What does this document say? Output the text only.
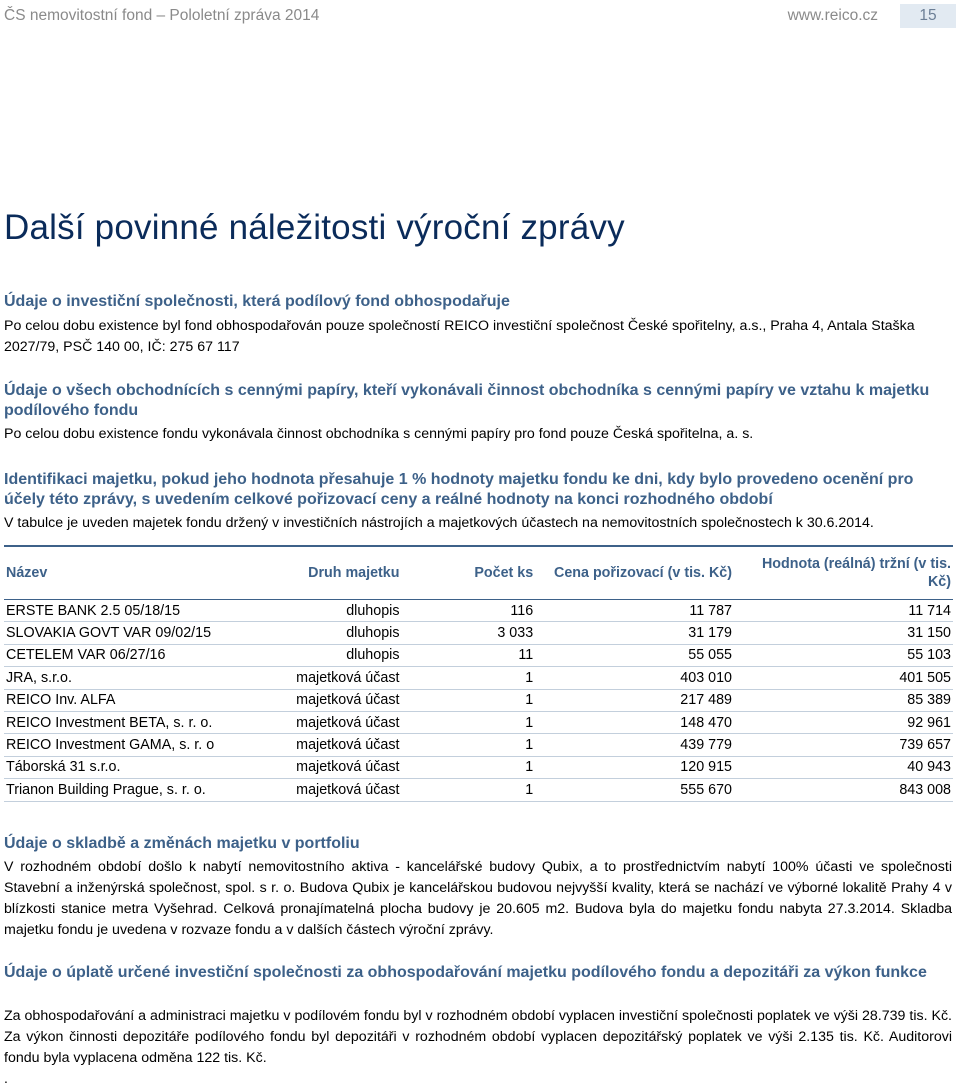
ČS nemovitostní fond – Pololetní zpráva 2014	www.reico.cz	15
Další povinné náležitosti výroční zprávy
Údaje o investiční společnosti, která podílový fond obhospodařuje

Po celou dobu existence byl fond obhospodařován pouze společností REICO investiční společnost České spořitelny, a.s., Praha 4, Antala Staška 2027/79, PSČ 140 00, IČ: 275 67 117

Údaje o všech obchodnících s cennými papíry, kteří vykonávali činnost obchodníka s cennými papíry ve vztahu k majetku podílového fondu

Po celou dobu existence fondu vykonávala činnost obchodníka s cennými papíry pro fond pouze Česká spořitelna, a. s.

Identifikaci majetku, pokud jeho hodnota přesahuje 1 % hodnoty majetku fondu ke dni, kdy bylo provedeno ocenění pro účely této zprávy, s uvedením celkové pořizovací ceny a reálné hodnoty na konci rozhodného období

V tabulce je uveden majetek fondu držený v investičních nástrojích a majetkových účastech na nemovitostních společnostech k 30.6.2014.

Název	Druh majetku	Počet ks	Cena pořizovací (v tis. Kč)	Hodnota (reálná) tržní (v tis. Kč)
ERSTE BANK 2.5 05/18/15	dluhopis	116	11 787	11 714
SLOVAKIA GOVT VAR 09/02/15	dluhopis	3 033	31 179	31 150
CETELEM VAR 06/27/16	dluhopis	11	55 055	55 103
JRA, s.r.o.	majetková účast	1	403 010	401 505
REICO Inv. ALFA	majetková účast	1	217 489	85 389
REICO Investment BETA, s. r. o.	majetková účast	1	148 470	92 961
REICO Investment GAMA, s. r. o	majetková účast	1	439 779	739 657
Táborská 31 s.r.o.	majetková účast	1	120 915	40 943
Trianon Building Prague, s. r. o.	majetková účast	1	555 670	843 008
Údaje o skladbě a změnách majetku v portfoliu

V rozhodném období došlo k nabytí nemovitostního aktiva - kancelářské budovy Qubix, a to prostřednictvím nabytí 100% účasti ve společnosti Stavební a inženýrská společnost, spol. s r. o. Budova Qubix je kancelářskou budovou nejvyšší kvality, která se nachází ve výborné lokalitě Prahy 4 v blízkosti stanice metra Vyšehrad. Celková pronajímatelná plocha budovy je 20.605 m2. Budova byla do majetku fondu nabyta 27.3.2014. Skladba majetku fondu je uvedena v rozvaze fondu a v dalších částech výroční zprávy.

Údaje o úplatě určené investiční společnosti za obhospodařování majetku podílového fondu a depozitáři za výkon funkce

Za obhospodařování a administraci majetku v podílovém fondu byl v rozhodném období vyplacen investiční společnosti poplatek ve výši 28.739 tis. Kč. Za výkon činnosti depozitáře podílového fondu byl depozitáři v rozhodném období vyplacen depozitářský poplatek ve výši 2.135 tis. Kč. Auditorovi fondu byla vyplacena odměna 122 tis. Kč.

.
